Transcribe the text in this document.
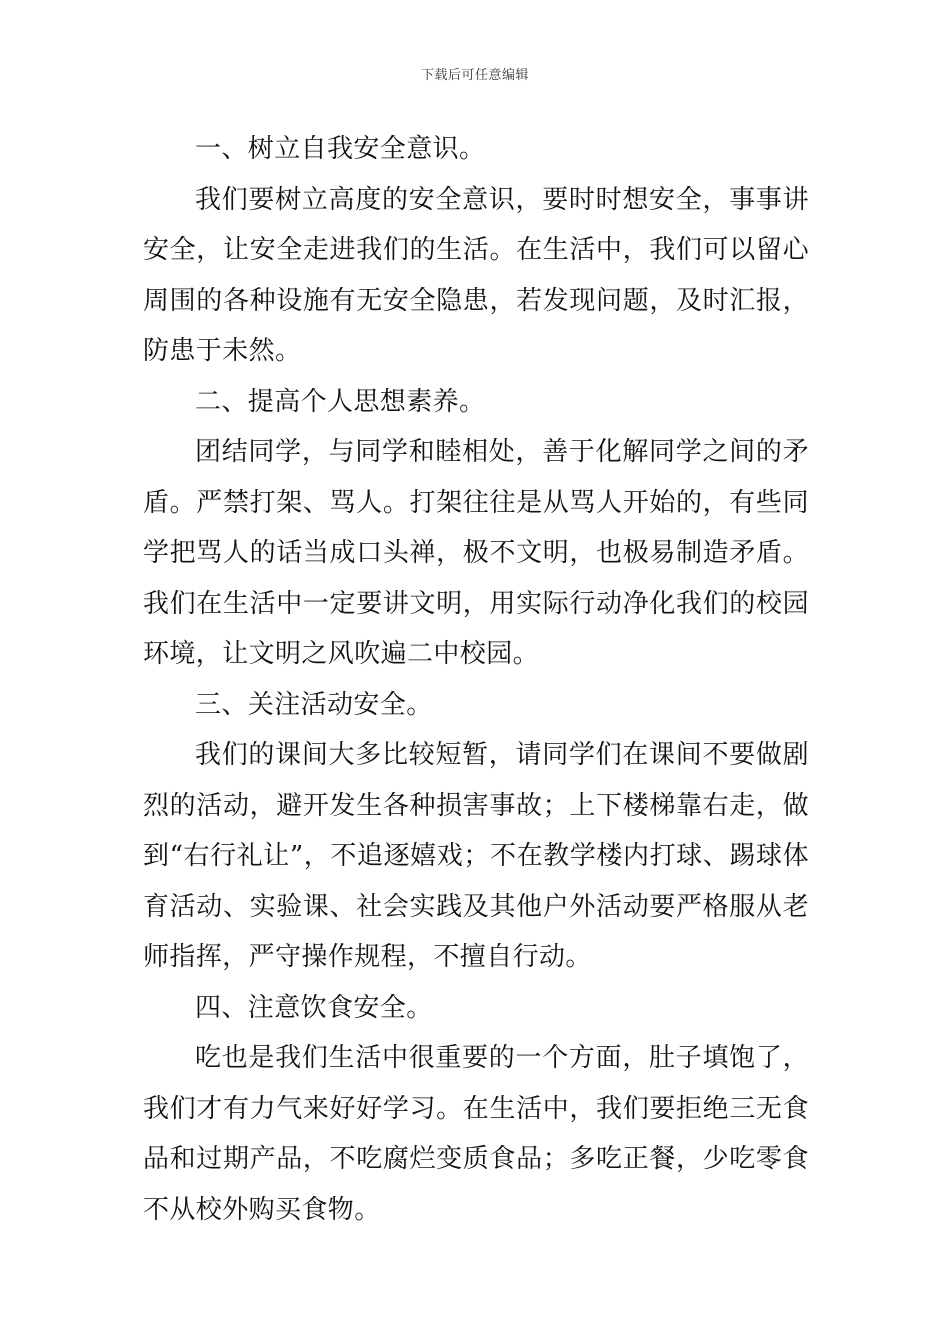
下载后可任意编辑

一、树立自我安全意识。

我们要树立高度的安全意识，要时时想安全，事事讲安全，让安全走进我们的生活。在生活中，我们可以留心周围的各种设施有无安全隐患，若发现问题，及时汇报，防患于未然。

二、提高个人思想素养。

团结同学，与同学和睦相处，善于化解同学之间的矛盾。严禁打架、骂人。打架往往是从骂人开始的，有些同学把骂人的话当成口头禅，极不文明，也极易制造矛盾。我们在生活中一定要讲文明，用实际行动净化我们的校园环境，让文明之风吹遍二中校园。

三、关注活动安全。

我们的课间大多比较短暂，请同学们在课间不要做剧烈的活动，避开发生各种损害事故；上下楼梯靠右走，做到“右行礼让”，不追逐嬉戏；不在教学楼内打球、踢球体育活动、实验课、社会实践及其他户外活动要严格服从老师指挥，严守操作规程，不擅自行动。

四、注意饮食安全。

吃也是我们生活中很重要的一个方面，肚子填饱了，我们才有力气来好好学习。在生活中，我们要拒绝三无食品和过期产品，不吃腐烂变质食品；多吃正餐，少吃零食不从校外购买食物。
